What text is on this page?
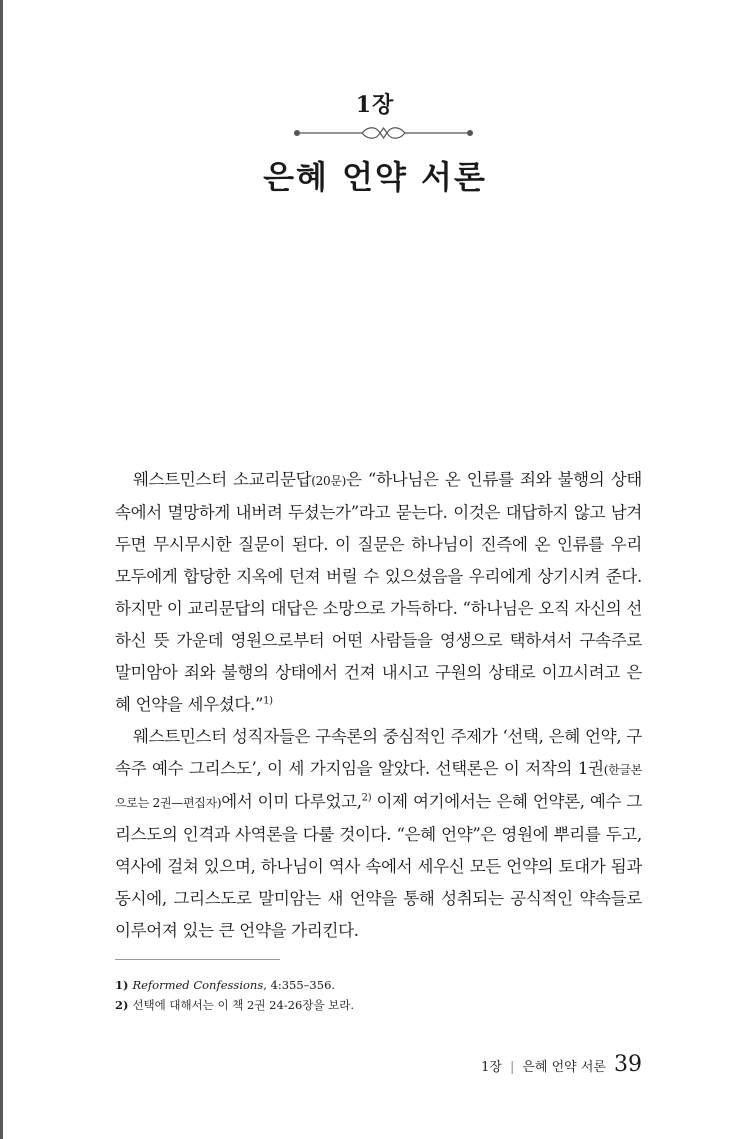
1장
은혜 언약 서론

웨스트민스터 소교리문답(20문)은 “하나님은 온 인류를 죄와 불행의 상태 속에서 멸망하게 내버려 두셨는가”라고 묻는다. 이것은 대답하지 않고 남겨 두면 무시무시한 질문이 된다. 이 질문은 하나님이 진즉에 온 인류를 우리 모두에게 합당한 지옥에 던져 버릴 수 있으셨음을 우리에게 상기시켜 준다. 하지만 이 교리문답의 대답은 소망으로 가득하다. “하나님은 오직 자신의 선하신 뜻 가운데 영원으로부터 어떤 사람들을 영생으로 택하셔서 구속주로 말미암아 죄와 불행의 상태에서 건져 내시고 구원의 상태로 이끄시려고 은혜 언약을 세우셨다.”$^{1)}$

웨스트민스터 성직자들은 구속론의 중심적인 주제가 ‘선택, 은혜 언약, 구속주 예수 그리스도’, 이 세 가지임을 알았다. 선택론은 이 저작의 1권(한글본으로는 2권—편집자)에서 이미 다루었고,$^{2)}$ 이제 여기에서는 은혜 언약론, 예수 그리스도의 인격과 사역론을 다룰 것이다. “은혜 언약”은 영원에 뿌리를 두고, 역사에 걸쳐 있으며, 하나님이 역사 속에서 세우신 모든 언약의 토대가 됨과 동시에, 그리스도로 말미암는 새 언약을 통해 성취되는 공식적인 약속들로 이루어져 있는 큰 언약을 가리킨다.

1) Reformed Confessions, 4:355–356.
2) 선택에 대해서는 이 책 2권 24-26장을 보라.
1장 | 은혜 언약 서론 39
